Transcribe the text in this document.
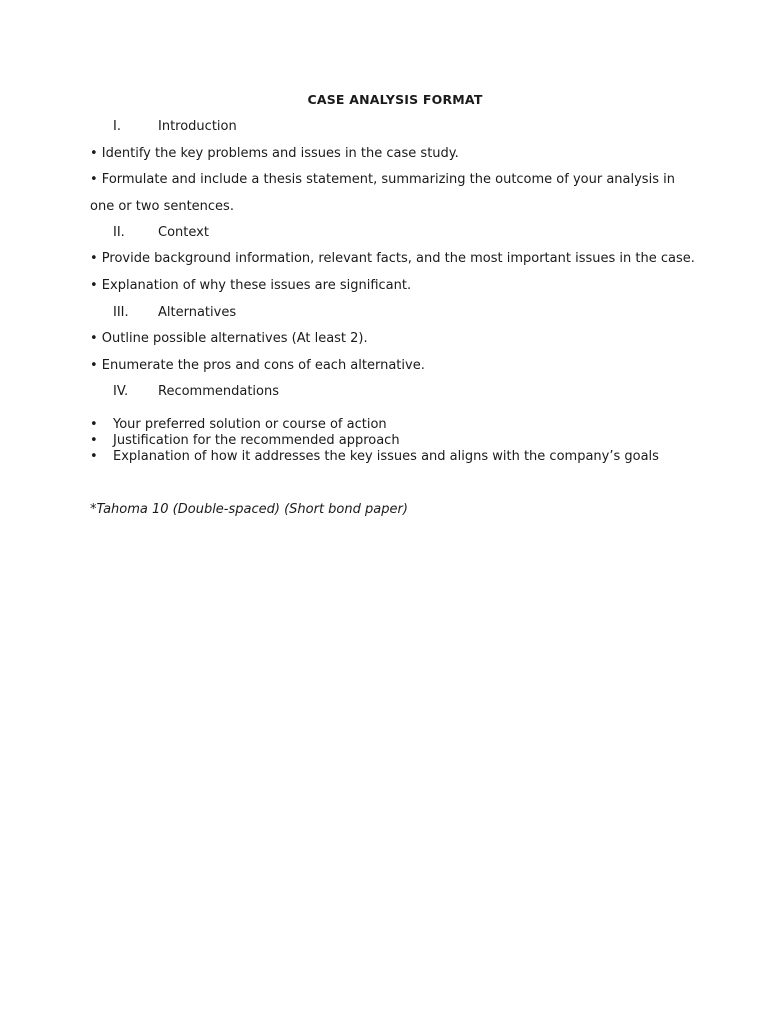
CASE ANALYSIS FORMAT
I.	Introduction
• Identify the key problems and issues in the case study.
• Formulate and include a thesis statement, summarizing the outcome of your analysis in
one or two sentences.
II.	Context
• Provide background information, relevant facts, and the most important issues in the case.
• Explanation of why these issues are significant.
III. Alternatives
• Outline possible alternatives (At least 2).
• Enumerate the pros and cons of each alternative.
IV. Recommendations
• Your preferred solution or course of action
• Justification for the recommended approach
• Explanation of how it addresses the key issues and aligns with the company’s goals
*Tahoma 10 (Double-spaced) (Short bond paper)
